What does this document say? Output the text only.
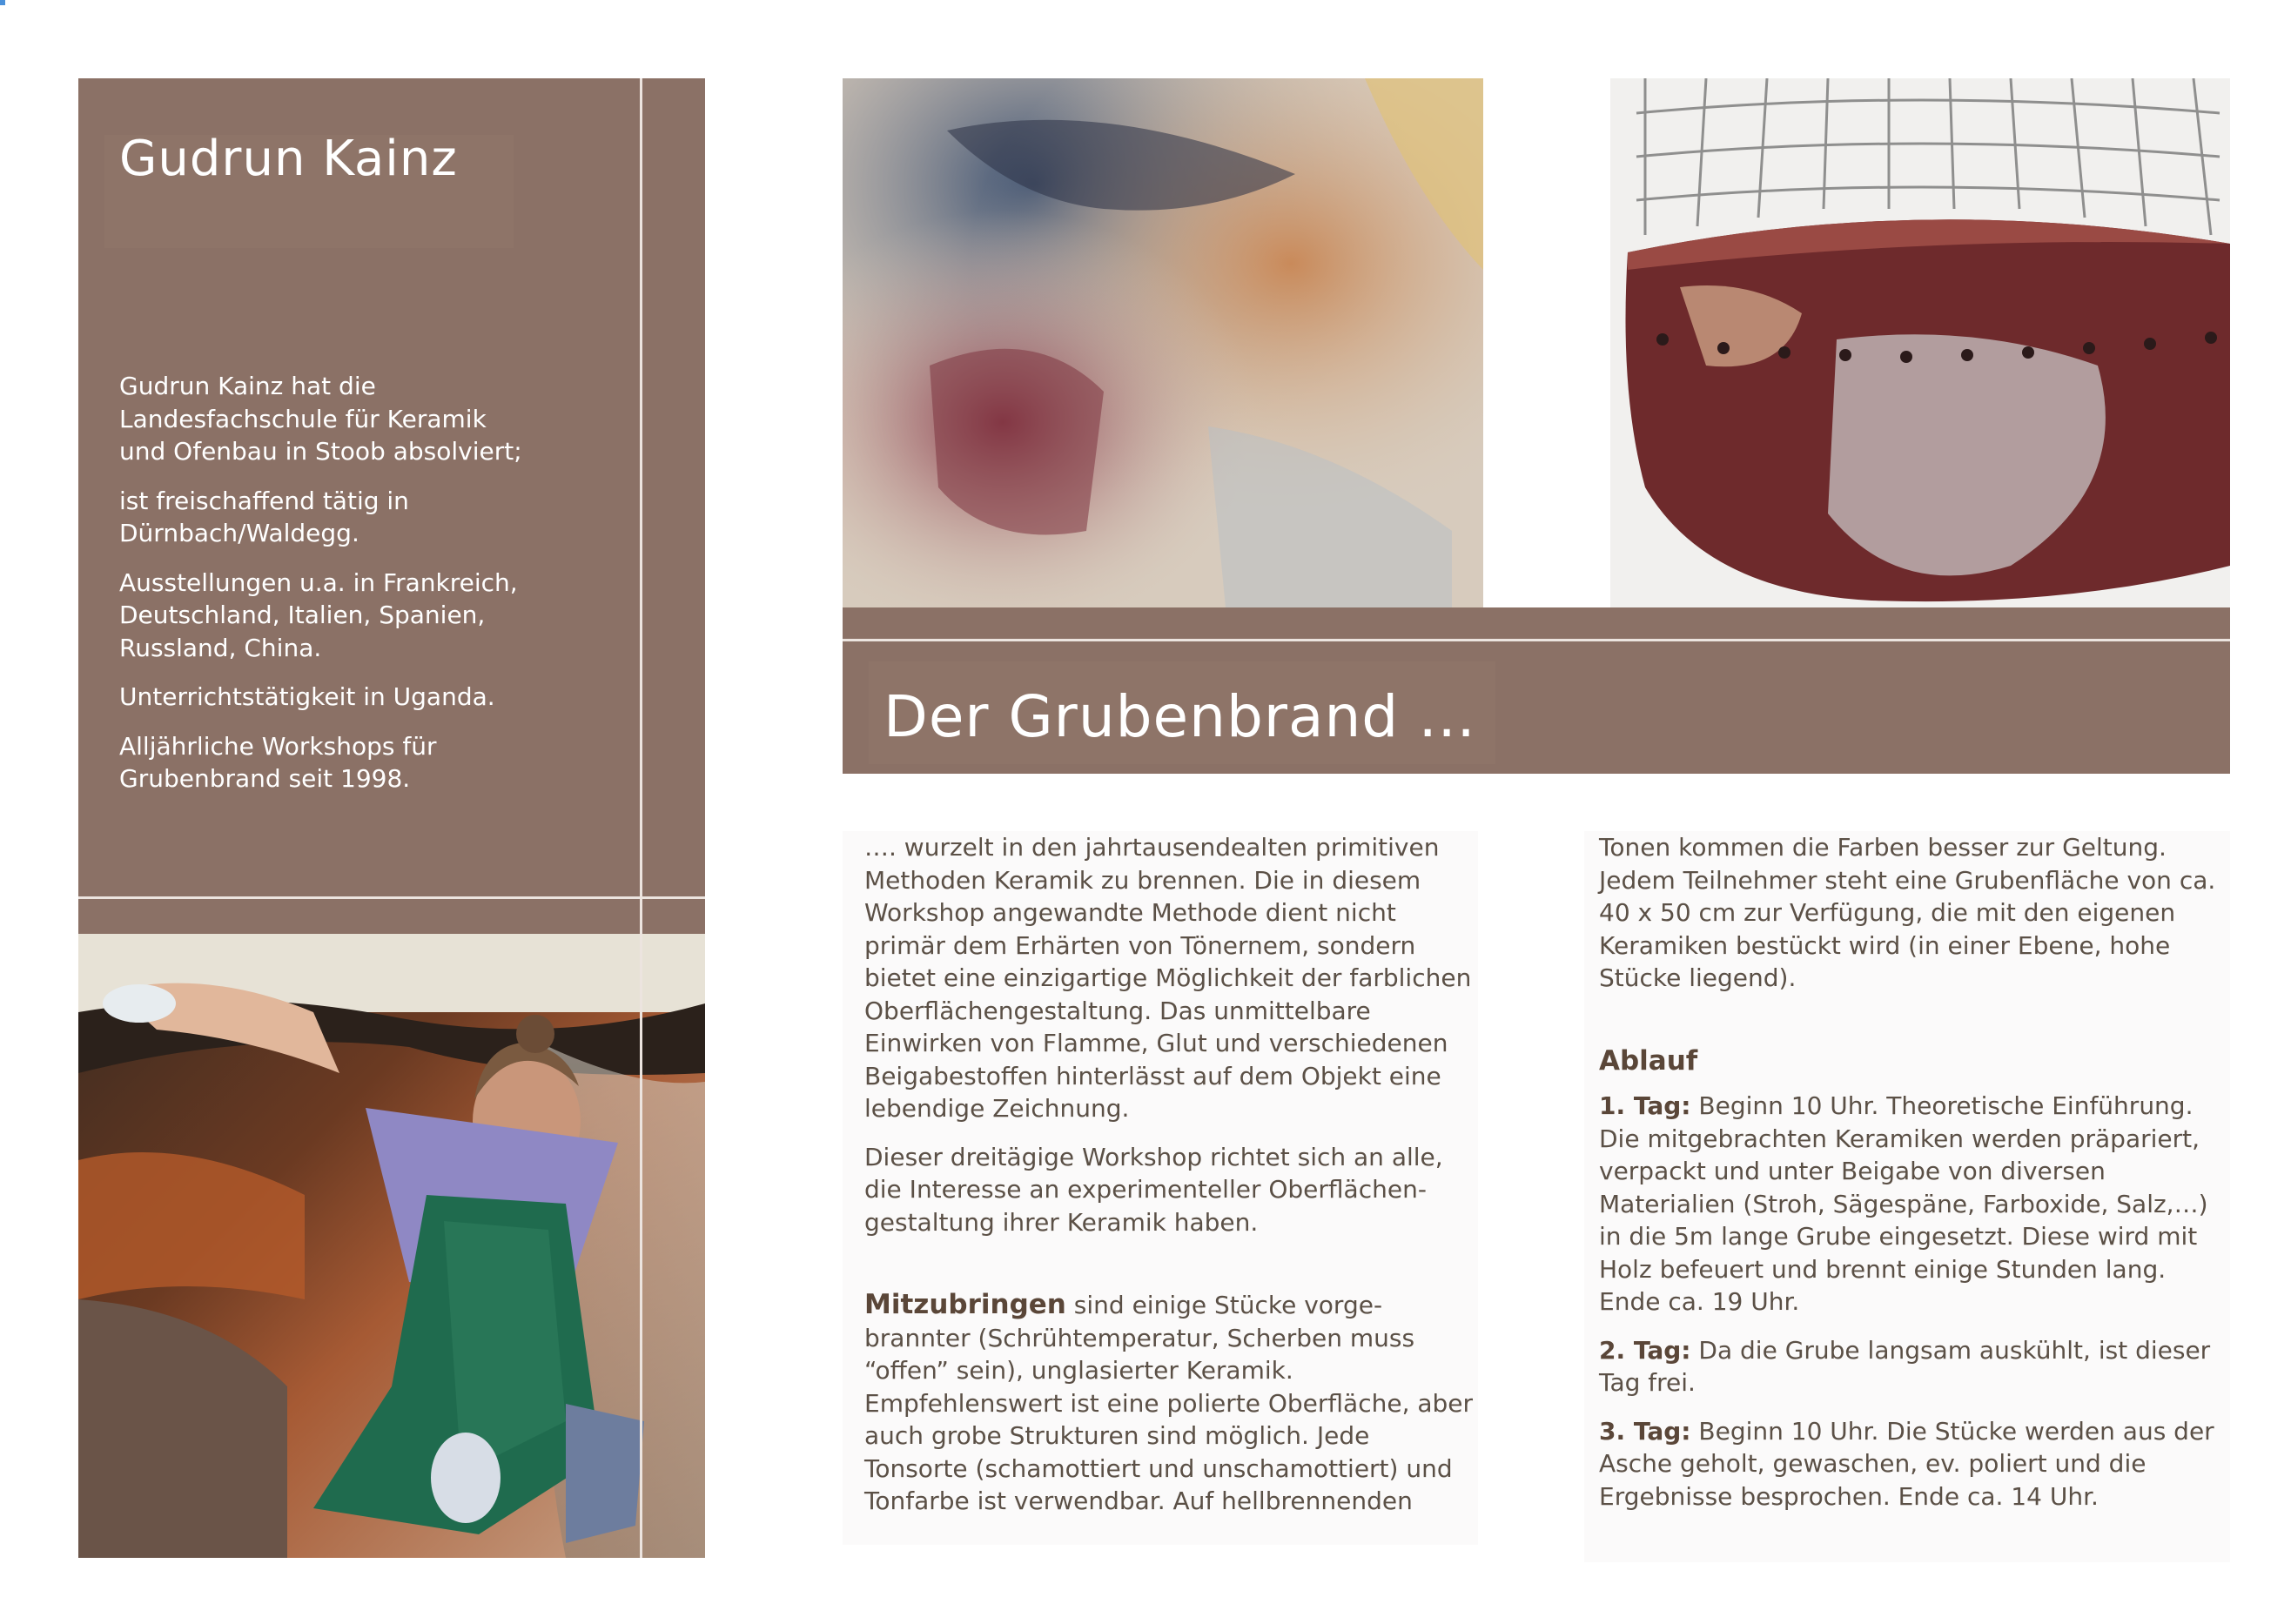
Gudrun Kainz

Gudrun Kainz hat die Landesfachschule für Keramik und Ofenbau in Stoob absolviert;

ist freischaffend tätig in Dürnbach/Waldegg.

Ausstellungen u.a. in Frankreich, Deutschland, Italien, Spanien, Russland, China.

Unterrichtstätigkeit in Uganda.

Alljährliche Workshops für Grubenbrand seit 1998.

Der Grubenbrand …

…. wurzelt in den jahrtausendealten primitiven Methoden Keramik zu brennen. Die in diesem Workshop angewandte Methode dient nicht primär dem Erhärten von Tönernem, sondern bietet eine einzigartige Möglichkeit der farblichen Oberflächengestaltung. Das unmittelbare Einwirken von Flamme, Glut und verschiedenen Beigabestoffen hinterlässt auf dem Objekt eine lebendige Zeichnung.

Dieser dreitägige Workshop richtet sich an alle, die Interesse an experimenteller Oberflächen-gestaltung ihrer Keramik haben.

Mitzubringen sind einige Stücke vorge-brannter (Schrühtemperatur, Scherben muss “offen” sein), unglasierter Keramik. Empfehlenswert ist eine polierte Oberfläche, aber auch grobe Strukturen sind möglich. Jede Tonsorte (schamottiert und unschamottiert) und Tonfarbe ist verwendbar. Auf hellbrennenden

Tonen kommen die Farben besser zur Geltung. Jedem Teilnehmer steht eine Grubenfläche von ca. 40 x 50 cm zur Verfügung, die mit den eigenen Keramiken bestückt wird (in einer Ebene, hohe Stücke liegend).

Ablauf

1. Tag: Beginn 10 Uhr. Theoretische Einführung. Die mitgebrachten Keramiken werden präpariert, verpackt und unter Beigabe von diversen Materialien (Stroh, Sägespäne, Farboxide, Salz,…) in die 5m lange Grube eingesetzt. Diese wird mit Holz befeuert und brennt einige Stunden lang. Ende ca. 19 Uhr.

2. Tag: Da die Grube langsam auskühlt, ist dieser Tag frei.

3. Tag: Beginn 10 Uhr. Die Stücke werden aus der Asche geholt, gewaschen, ev. poliert und die Ergebnisse besprochen. Ende ca. 14 Uhr.
